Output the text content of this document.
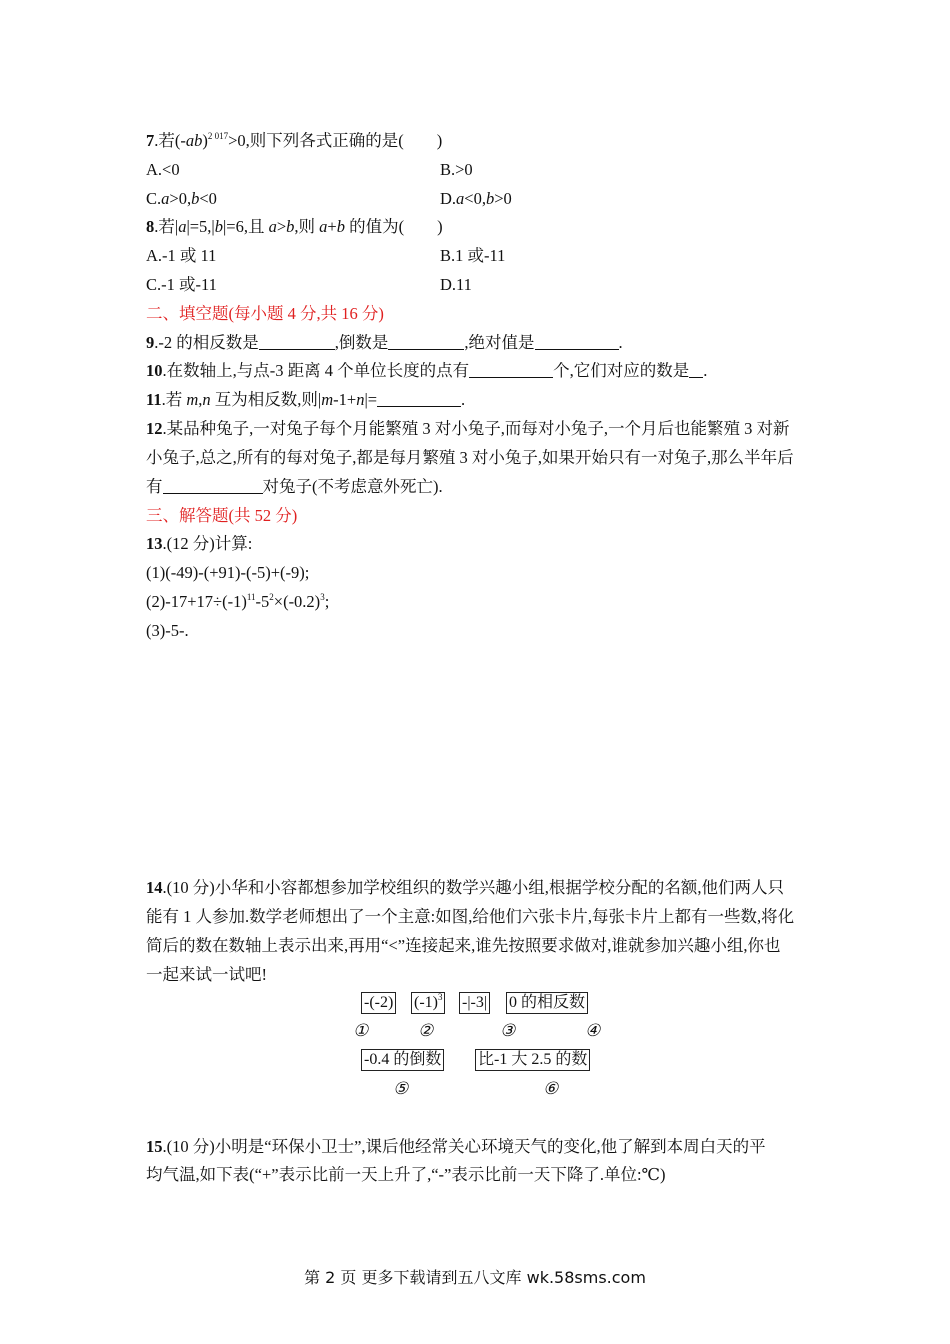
7.若$(-ab)^{2 017}>0$,则下列各式正确的是(　　)
A.<0	B.>0
C.a>0,b<0	D.a<0,b>0
8.若|a|=5,|b|=6,且 a>b,则 a+b 的值为(　　)
A.-1 或 11	B.1 或-11
C.-1 或-11	D.11
二、填空题(每小题 4 分,共 16 分)
9.-2 的相反数是	,倒数是	,绝对值是	.
10.在数轴上,与点-3 距离 4 个单位长度的点有	个,它们对应的数是 .
11.若 m,n 互为相反数,则|m-1+n|=	.
12.某品种兔子,一对兔子每个月能繁殖 3 对小兔子,而每对小兔子,一个月后也能繁殖 3 对新
小兔子,总之,所有的每对兔子,都是每月繁殖 3 对小兔子,如果开始只有一对兔子,那么半年后
有	对兔子(不考虑意外死亡).
三、解答题(共 52 分)
13.(12 分)计算:
(1)(-49)-(+91)-(-5)+(-9);
$(2)-17+17\div(-1)^{11}-5^2\times(-0.2)^3$;
(3)-5-.
14.(10 分)小华和小容都想参加学校组织的数学兴趣小组,根据学校分配的名额,他们两人只
能有 1 人参加.数学老师想出了一个主意:如图,给他们六张卡片,每张卡片上都有一些数,将化
简后的数在数轴上表示出来,再用“<”连接起来,谁先按照要求做对,谁就参加兴趣小组,你也
一起来试一试吧!
-(-2) $(-1)^3$ -|-3| 0 的相反数
①	②	③	④
-0.4 的倒数 比-1 大 2.5 的数
⑤	⑥
15.(10 分)小明是“环保小卫士”,课后他经常关心环境天气的变化,他了解到本周白天的平
均气温,如下表(“+”表示比前一天上升了,“-”表示比前一天下降了.单位:℃)
第 2 页 更多下载请到五八文库 wk.58sms.com
